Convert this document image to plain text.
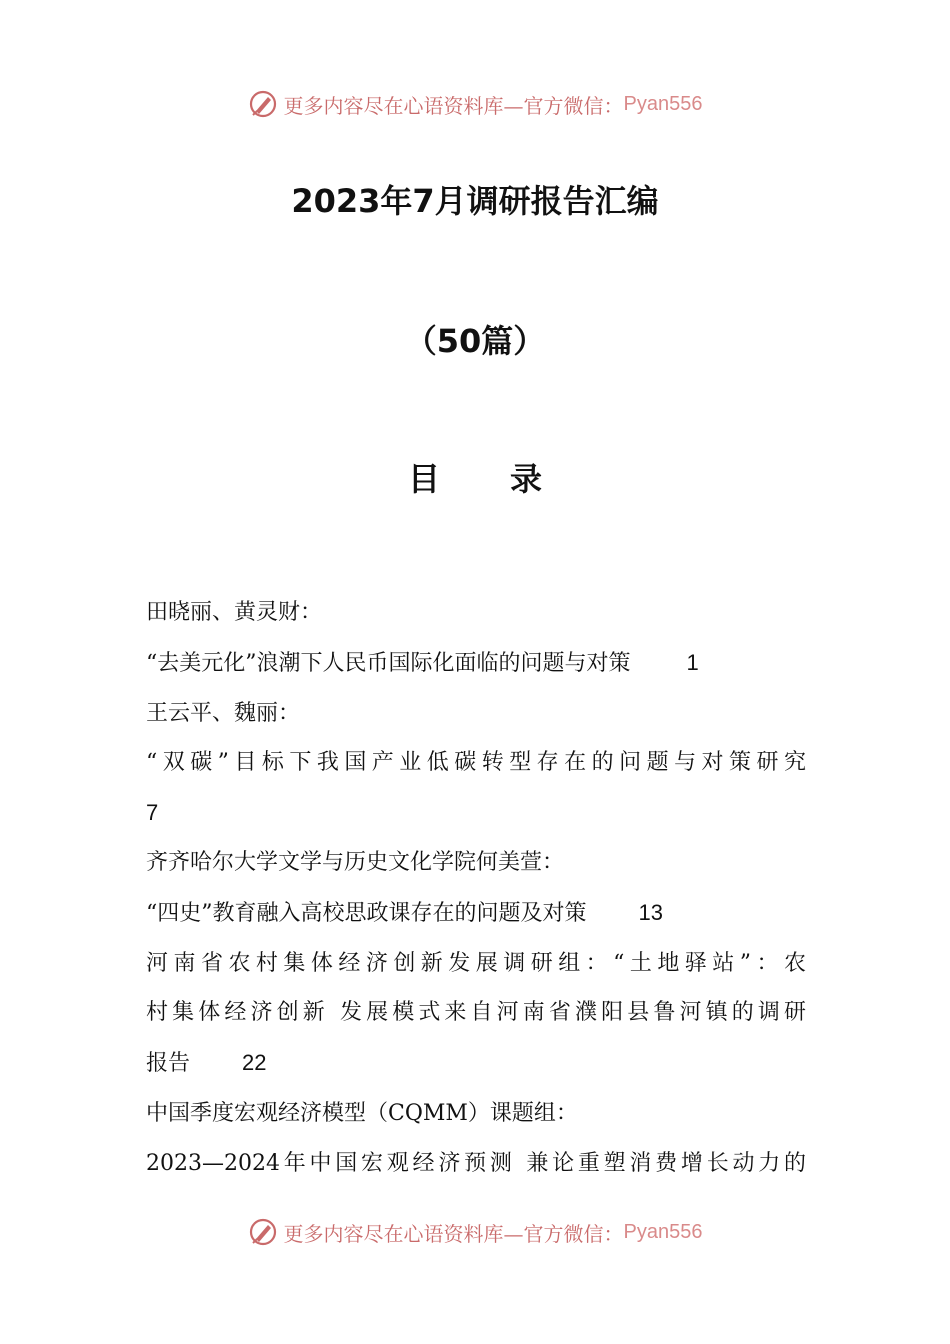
更多内容尽在心语资料库—官方微信： Pyan556
2023年7月调研报告汇编
（50篇）
目录
田晓丽、黄灵财：
“去美元化”浪潮下人民币国际化面临的问题与对策	1
王云平、魏丽：
“双碳”目标下我国产业低碳转型存在的问题与对策研究
7
齐齐哈尔大学文学与历史文化学院何美萱：
“四史”教育融入高校思政课存在的问题及对策 13
河南省农村集体经济创新发展调研组：“土地驿站”：农
村集体经济创新 发展模式来自河南省濮阳县鲁河镇的调研
报告 22
中国季度宏观经济模型（CQMM）课题组：
2023—2024年中国宏观经济预测 兼论重塑消费增长动力的
更多内容尽在心语资料库—官方微信： Pyan556
